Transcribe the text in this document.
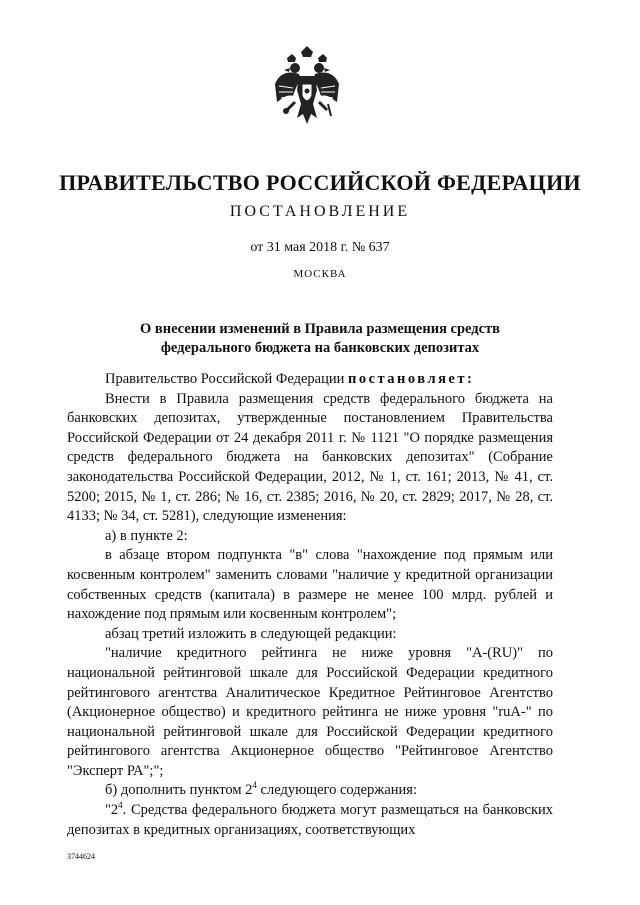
ПРАВИТЕЛЬСТВО РОССИЙСКОЙ ФЕДЕРАЦИИ
ПОСТАНОВЛЕНИЕ
от 31 мая 2018 г. № 637
МОСКВА
О внесении изменений в Правила размещения средств
федерального бюджета на банковских депозитах

Правительство Российской Федерации постановляет:

Внести в Правила размещения средств федерального бюджета на банковских депозитах, утвержденные постановлением Правительства Российской Федерации от 24 декабря 2011 г. № 1121 "О порядке размещения средств федерального бюджета на банковских депозитах" (Собрание законодательства Российской Федерации, 2012, № 1, ст. 161; 2013, № 41, ст. 5200; 2015, № 1, ст. 286; № 16, ст. 2385; 2016, № 20, ст. 2829; 2017, № 28, ст. 4133; № 34, ст. 5281), следующие изменения:

а) в пункте 2:

в абзаце втором подпункта "в" слова "нахождение под прямым или косвенным контролем" заменить словами "наличие у кредитной организации собственных средств (капитала) в размере не менее 100 млрд. рублей и нахождение под прямым или косвенным контролем";

абзац третий изложить в следующей редакции:

"наличие кредитного рейтинга не ниже уровня "A-(RU)" по национальной рейтинговой шкале для Российской Федерации кредитного рейтингового агентства Аналитическое Кредитное Рейтинговое Агентство (Акционерное общество) и кредитного рейтинга не ниже уровня "ruA-" по национальной рейтинговой шкале для Российской Федерации кредитного рейтингового агентства Акционерное общество "Рейтинговое Агентство "Эксперт РА";";

б) дополнить пунктом $2^4$ следующего содержания:

"$2^4$. Средства федерального бюджета могут размещаться на банковских депозитах в кредитных организациях, соответствующих

3744624
